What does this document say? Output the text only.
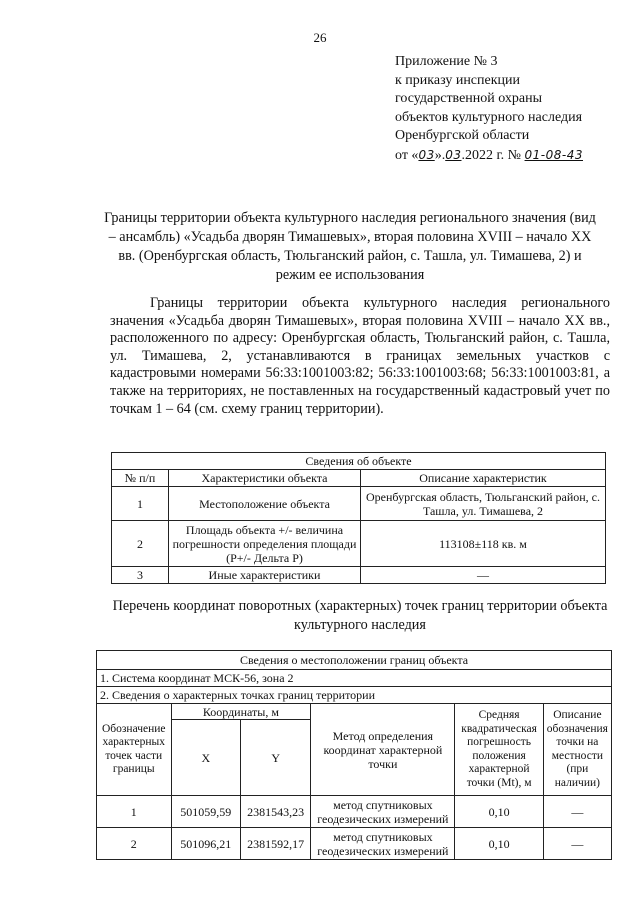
26
Приложение № 3
к приказу инспекции
государственной охраны
объектов культурного наследия
Оренбургской области
от «03».03.2022 г. № 01-08-43
Границы территории объекта культурного наследия регионального значения (вид – ансамбль) «Усадьба дворян Тимашевых», вторая половина XVIII – начало XX вв. (Оренбургская область, Тюльганский район, с. Ташла, ул. Тимашева, 2) и режим ее использования
Границы территории объекта культурного наследия регионального значения «Усадьба дворян Тимашевых», вторая половина XVIII – начало XX вв., расположенного по адресу: Оренбургская область, Тюльганский район, с. Ташла, ул. Тимашева, 2, устанавливаются в границах земельных участков с кадастровыми номерами 56:33:1001003:82; 56:33:1001003:68; 56:33:1001003:81, а также на территориях, не поставленных на государственный кадастровый учет по точкам 1 – 64 (см. схему границ территории).
Сведения об объекте		
№ п/п	Характеристики объекта	Описание характеристик
1	Местоположение объекта	Оренбургская область, Тюльганский район, с. Ташла, ул. Тимашева, 2
2	Площадь объекта +/- величина погрешности определения площади (P+/- Дельта P)	113108±118 кв. м
3	Иные характеристики	—
Перечень координат поворотных (характерных) точек границ территории объекта культурного наследия
Сведения о местоположении границ объекта					
1. Система координат МСК-56, зона 2					
2. Сведения о характерных точках границ территории					
Обозначение характерных точек части границы	Координаты, м		Метод определения координат характерной точки	Средняя квадратическая погрешность положения характерной точки (Mt), м	Описание обозначения точки на местности (при наличии)
	X	Y			
1	501059,59	2381543,23	метод спутниковых геодезических измерений	0,10	—
2	501096,21	2381592,17	метод спутниковых геодезических измерений	0,10	—
